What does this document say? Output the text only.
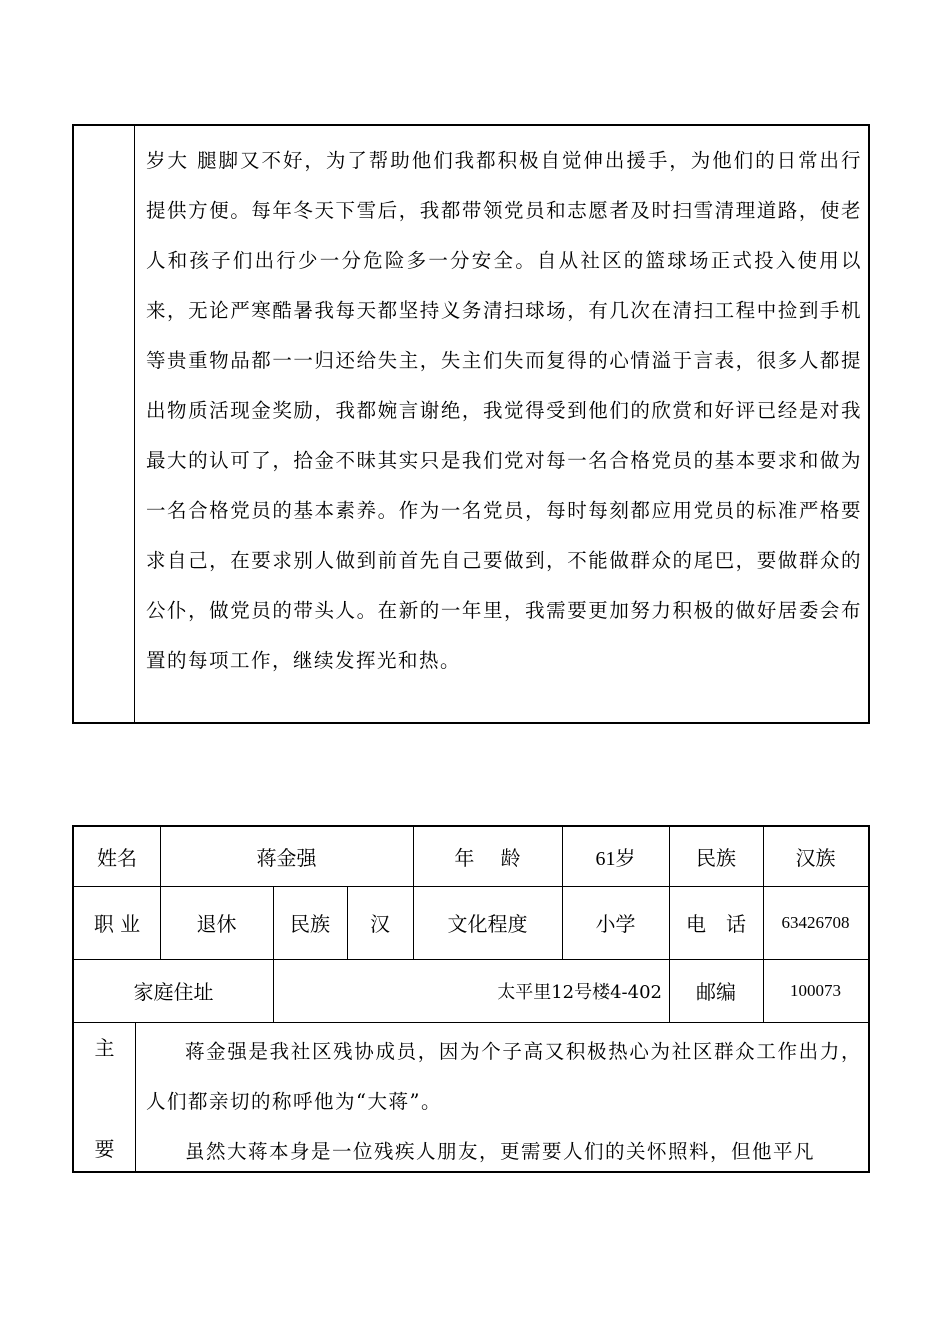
岁大 腿脚又不好，为了帮助他们我都积极自觉伸出援手，为他们的日常出行提供方便。每年冬天下雪后，我都带领党员和志愿者及时扫雪清理道路，使老人和孩子们出行少一分危险多一分安全。自从社区的篮球场正式投入使用以来，无论严寒酷暑我每天都坚持义务清扫球场，有几次在清扫工程中捡到手机等贵重物品都一一归还给失主，失主们失而复得的心情溢于言表，很多人都提出物质活现金奖励，我都婉言谢绝，我觉得受到他们的欣赏和好评已经是对我最大的认可了，拾金不昧其实只是我们党对每一名合格党员的基本要求和做为一名合格党员的基本素养。作为一名党员，每时每刻都应用党员的标准严格要求自己，在要求别人做到前首先自己要做到，不能做群众的尾巴，要做群众的公仆，做党员的带头人。在新的一年里，我需要更加努力积极的做好居委会布置的每项工作，继续发挥光和热。
姓名	蒋金强	年　 龄	61岁	民族	汉族
职 业	退休	民族	汉	文化程度	小学	电　话	63426708
家庭住址	太平里12号楼4-402	邮编	100073
主
要

蒋金强是我社区残协成员，因为个子高又积极热心为社区群众工作出力，人们都亲切的称呼他为“大蒋”。

虽然大蒋本身是一位残疾人朋友，更需要人们的关怀照料，但他平凡
